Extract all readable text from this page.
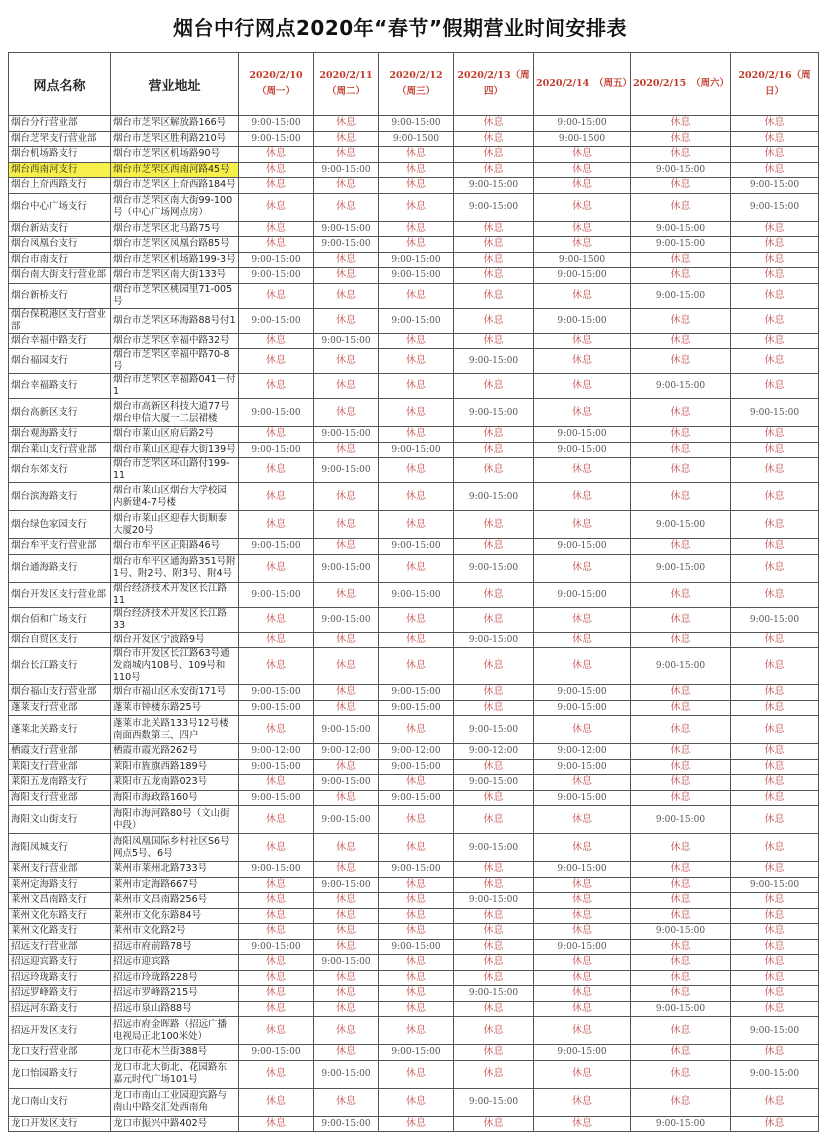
烟台中行网点2020年“春节”假期营业时间安排表
网点名称	营业地址	2020/2/10（周一）	2020/2/11（周二）	2020/2/12（周三）	2020/2/13（周四）	2020/2/14　（周五）	2020/2/15　（周六）	2020/2/16（周日）
烟台分行营业部	烟台市芝罘区解放路166号	9:00-15:00	休息	9:00-15:00	休息	9:00-15:00	休息	休息
烟台芝罘支行营业部	烟台市芝罘区胜利路210号	9:00-15:00	休息	9:00-1500	休息	9:00-1500	休息	休息
烟台机场路支行	烟台市芝罘区机场路90号	休息	休息	休息	休息	休息	休息	休息
烟台西南河支行	烟台市芝罘区西南河路45号	休息	9:00-15:00	休息	休息	休息	9:00-15:00	休息
烟台上夼西路支行	烟台市芝罘区上夼西路184号	休息	休息	休息	9:00-15:00	休息	休息	9:00-15:00
烟台中心广场支行	烟台市芝罘区南大街99-100号（中心广场网点房）	休息	休息	休息	9:00-15:00	休息	休息	9:00-15:00
烟台新站支行	烟台市芝罘区北马路75号	休息	9:00-15:00	休息	休息	休息	9:00-15:00	休息
烟台凤凰台支行	烟台市芝罘区凤凰台路85号	休息	9:00-15:00	休息	休息	休息	9:00-15:00	休息
烟台市南支行	烟台市芝罘区机场路199-3号	9:00-15:00	休息	9:00-15:00	休息	9:00-1500	休息	休息
烟台南大街支行营业部	烟台市芝罘区南大街133号	9:00-15:00	休息	9:00-15:00	休息	9:00-15:00	休息	休息
烟台新桥支行	烟台市芝罘区桃园里71-005号	休息	休息	休息	休息	休息	9:00-15:00	休息
烟台保税港区支行营业部	烟台市芝罘区环海路88号付1	9:00-15:00	休息	9:00-15:00	休息	9:00-15:00	休息	休息
烟台幸福中路支行	烟台市芝罘区幸福中路32号	休息	9:00-15:00	休息	休息	休息	休息	休息
烟台福园支行	烟台市芝罘区幸福中路70-8号	休息	休息	休息	9:00-15:00	休息	休息	休息
烟台幸福路支行	烟台市芝罘区幸福路041－付1	休息	休息	休息	休息	休息	9:00-15:00	休息
烟台高新区支行	烟台市高新区科技大道77号烟台申信大厦一二层裙楼	9:00-15:00	休息	休息	9:00-15:00	休息	休息	9:00-15:00
烟台观海路支行	烟台市莱山区府后路2号	休息	9:00-15:00	休息	休息	9:00-15:00	休息	休息
烟台莱山支行营业部	烟台市莱山区迎春大街139号	9:00-15:00	休息	9:00-15:00	休息	9:00-15:00	休息	休息
烟台东郊支行	烟台市芝罘区环山路付199-11	休息	9:00-15:00	休息	休息	休息	休息	休息
烟台滨海路支行	烟台市莱山区烟台大学校园内新建4-7号楼	休息	休息	休息	9:00-15:00	休息	休息	休息
烟台绿色家园支行	烟台市莱山区迎春大街顺泰大厦20号	休息	休息	休息	休息	休息	9:00-15:00	休息
烟台牟平支行营业部	烟台市牟平区正阳路46号	9:00-15:00	休息	9:00-15:00	休息	9:00-15:00	休息	休息
烟台通海路支行	烟台市牟平区通海路351号附1号、附2号、附3号、附4号	休息	9:00-15:00	休息	9:00-15:00	休息	9:00-15:00	休息
烟台开发区支行营业部	烟台经济技术开发区长江路11	9:00-15:00	休息	9:00-15:00	休息	9:00-15:00	休息	休息
烟台佰和广场支行	烟台经济技术开发区长江路33	休息	9:00-15:00	休息	休息	休息	休息	9:00-15:00
烟台自贸区支行	烟台开发区宁波路9号	休息	休息	休息	9:00-15:00	休息	休息	休息
烟台长江路支行	烟台市开发区长江路63号通发商城内108号、109号和110号	休息	休息	休息	休息	休息	9:00-15:00	休息
烟台福山支行营业部	烟台市福山区永安街171号	9:00-15:00	休息	9:00-15:00	休息	9:00-15:00	休息	休息
蓬莱支行营业部	蓬莱市钟楼东路25号	9:00-15:00	休息	9:00-15:00	休息	9:00-15:00	休息	休息
蓬莱北关路支行	蓬莱市北关路133号12号楼南面西数第三、四户	休息	9:00-15:00	休息	9:00-15:00	休息	休息	休息
栖霞支行营业部	栖霞市霞光路262号	9:00-12:00	9:00-12:00	9:00-12:00	9:00-12:00	9:00-12:00	休息	休息
莱阳支行营业部	莱阳市旌旗西路189号	9:00-15:00	休息	9:00-15:00	休息	9:00-15:00	休息	休息
莱阳五龙南路支行	莱阳市五龙南路023号	休息	9:00-15:00	休息	9:00-15:00	休息	休息	休息
海阳支行营业部	海阳市海政路160号	9:00-15:00	休息	9:00-15:00	休息	9:00-15:00	休息	休息
海阳文山街支行	海阳市海河路80号（文山街中段）	休息	9:00-15:00	休息	休息	休息	9:00-15:00	休息
海阳凤城支行	海阳凤凰国际乡村社区S6号网点5号、6号	休息	休息	休息	9:00-15:00	休息	休息	休息
莱州支行营业部	莱州市莱州北路733号	9:00-15:00	休息	9:00-15:00	休息	9:00-15:00	休息	休息
莱州定海路支行	莱州市定海路667号	休息	9:00-15:00	休息	休息	休息	休息	9:00-15:00
莱州文昌南路支行	莱州市文昌南路256号	休息	休息	休息	9:00-15:00	休息	休息	休息
莱州文化东路支行	莱州市文化东路84号	休息	休息	休息	休息	休息	休息	休息
莱州文化路支行	莱州市文化路2号	休息	休息	休息	休息	休息	9:00-15:00	休息
招远支行营业部	招远市府前路78号	9:00-15:00	休息	9:00-15:00	休息	9:00-15:00	休息	休息
招远迎宾路支行	招远市迎宾路	休息	9:00-15:00	休息	休息	休息	休息	休息
招远玲珑路支行	招远市玲珑路228号	休息	休息	休息	休息	休息	休息	休息
招远罗峰路支行	招远市罗峰路215号	休息	休息	休息	9:00-15:00	休息	休息	休息
招远河东路支行	招远市泉山路88号	休息	休息	休息	休息	休息	9:00-15:00	休息
招远开发区支行	招远市府金晖路（招远广播电视局正北100米处）	休息	休息	休息	休息	休息	休息	9:00-15:00
龙口支行营业部	龙口市花木兰街388号	9:00-15:00	休息	9:00-15:00	休息	9:00-15:00	休息	休息
龙口怡园路支行	龙口市北大街北、花园路东嘉元时代广场101号	休息	9:00-15:00	休息	休息	休息	休息	9:00-15:00
龙口南山支行	龙口市南山工业园迎宾路与南山中路交汇处西南角	休息	休息	休息	9:00-15:00	休息	休息	休息
龙口开发区支行	龙口市振兴中路402号	休息	9:00-15:00	休息	休息	休息	9:00-15:00	休息
